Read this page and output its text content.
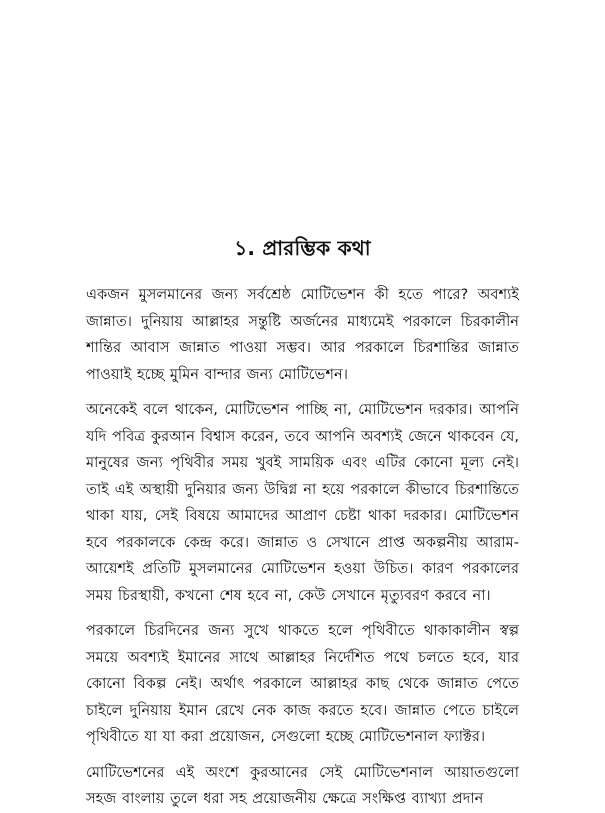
১. প্রারম্ভিক কথা

একজন মুসলমানের জন্য সর্বশ্রেষ্ঠ মোটিভেশন কী হতে পারে? অবশ্যই জান্নাত। দুনিয়ায় আল্লাহর সন্তুষ্টি অর্জনের মাধ্যমেই পরকালে চিরকালীন শান্তির আবাস জান্নাত পাওয়া সম্ভব। আর পরকালে চিরশান্তির জান্নাত পাওয়াই হচ্ছে মুমিন বান্দার জন্য মোটিভেশন।

অনেকেই বলে থাকেন, মোটিভেশন পাচ্ছি না, মোটিভেশন দরকার। আপনি যদি পবিত্র কুরআন বিশ্বাস করেন, তবে আপনি অবশ্যই জেনে থাকবেন যে, মানুষের জন্য পৃথিবীর সময় খুবই সাময়িক এবং এটির কোনো মূল্য নেই। তাই এই অস্থায়ী দুনিয়ার জন্য উদ্বিগ্ন না হয়ে পরকালে কীভাবে চিরশান্তিতে থাকা যায়, সেই বিষয়ে আমাদের আপ্রাণ চেষ্টা থাকা দরকার। মোটিভেশন হবে পরকালকে কেন্দ্র করে। জান্নাত ও সেখানে প্রাপ্ত অকল্পনীয় আরাম-আয়েশই প্রতিটি মুসলমানের মোটিভেশন হওয়া উচিত। কারণ পরকালের সময় চিরস্থায়ী, কখনো শেষ হবে না, কেউ সেখানে মৃত্যুবরণ করবে না।

পরকালে চিরদিনের জন্য সুখে থাকতে হলে পৃথিবীতে থাকাকালীন স্বল্প সময়ে অবশ্যই ইমানের সাথে আল্লাহর নির্দেশিত পথে চলতে হবে, যার কোনো বিকল্প নেই। অর্থাৎ পরকালে আল্লাহর কাছ থেকে জান্নাত পেতে চাইলে দুনিয়ায় ইমান রেখে নেক কাজ করতে হবে। জান্নাত পেতে চাইলে পৃথিবীতে যা যা করা প্রয়োজন, সেগুলো হচ্ছে মোটিভেশনাল ফ্যাক্টর।

মোটিভেশনের এই অংশে কুরআনের সেই মোটিভেশনাল আয়াতগুলো সহজ বাংলায় তুলে ধরা সহ প্রয়োজনীয় ক্ষেত্রে সংক্ষিপ্ত ব্যাখ্যা প্রদান
